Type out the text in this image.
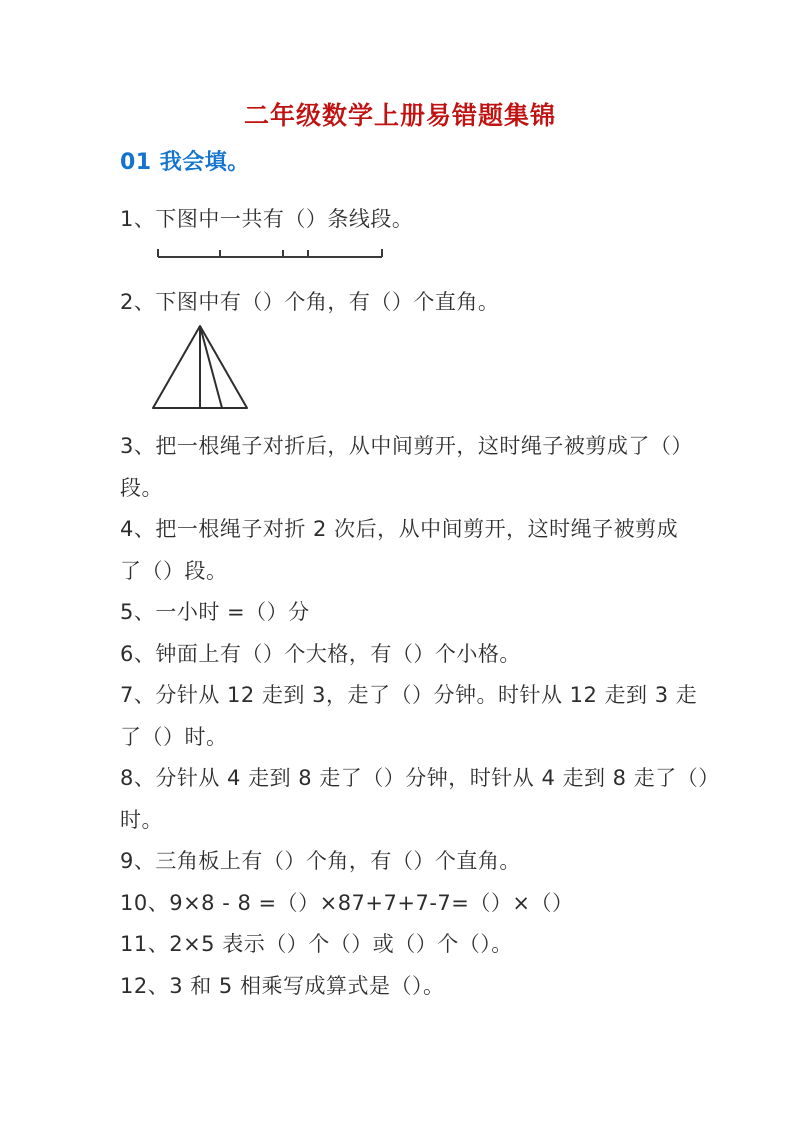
二年级数学上册易错题集锦
01 我会填。
1、下图中一共有（）条线段。
2、下图中有（）个角，有（）个直角。
3、把一根绳子对折后，从中间剪开，这时绳子被剪成了（）
段。
4、把一根绳子对折 2 次后，从中间剪开，这时绳子被剪成
了（）段。
5、一小时 =（）分
6、钟面上有（）个大格，有（）个小格。
7、分针从 12 走到 3，走了（）分钟。时针从 12 走到 3 走
了（）时。
8、分针从 4 走到 8 走了（）分钟，时针从 4 走到 8 走了（）
时。
9、三角板上有（）个角，有（）个直角。
10、9×8 - 8 =（）×87+7+7-7=（）×（）
11、2×5 表示（）个（）或（）个（）。
12、3 和 5 相乘写成算式是（）。
